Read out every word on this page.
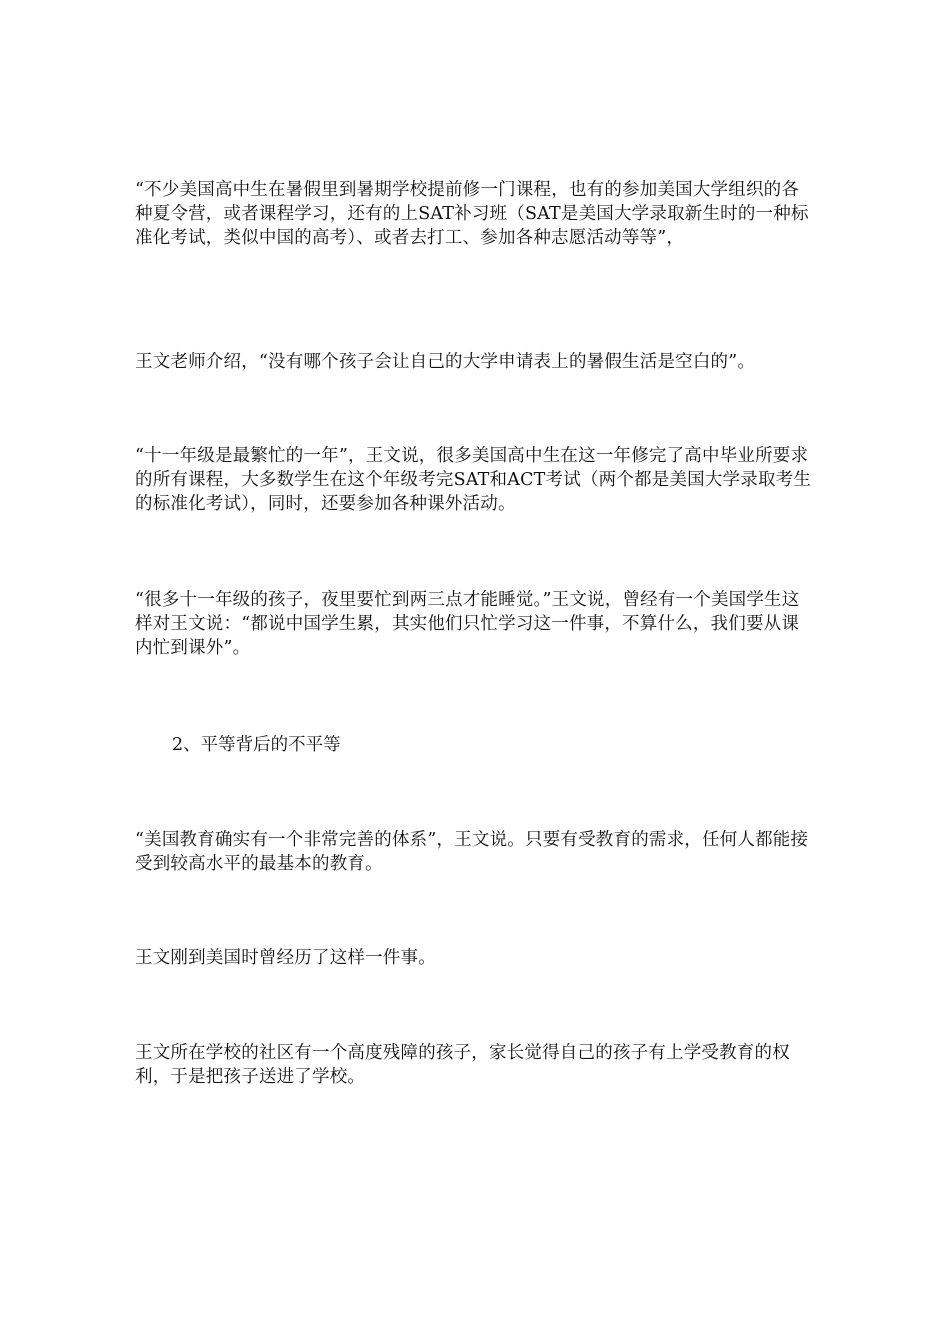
“不少美国高中生在暑假里到暑期学校提前修一门课程，也有的参加美国大学组织的各种夏令营，或者课程学习，还有的上SAT补习班（SAT是美国大学录取新生时的一种标准化考试，类似中国的高考）、或者去打工、参加各种志愿活动等等”，

王文老师介绍，“没有哪个孩子会让自己的大学申请表上的暑假生活是空白的”。

“十一年级是最繁忙的一年”，王文说，很多美国高中生在这一年修完了高中毕业所要求的所有课程，大多数学生在这个年级考完SAT和ACT考试（两个都是美国大学录取考生的标准化考试），同时，还要参加各种课外活动。

“很多十一年级的孩子，夜里要忙到两三点才能睡觉。”王文说，曾经有一个美国学生这样对王文说：“都说中国学生累，其实他们只忙学习这一件事，不算什么，我们要从课内忙到课外”。

2、平等背后的不平等

“美国教育确实有一个非常完善的体系”，王文说。只要有受教育的需求，任何人都能接受到较高水平的最基本的教育。

王文刚到美国时曾经历了这样一件事。

王文所在学校的社区有一个高度残障的孩子，家长觉得自己的孩子有上学受教育的权利，于是把孩子送进了学校。
